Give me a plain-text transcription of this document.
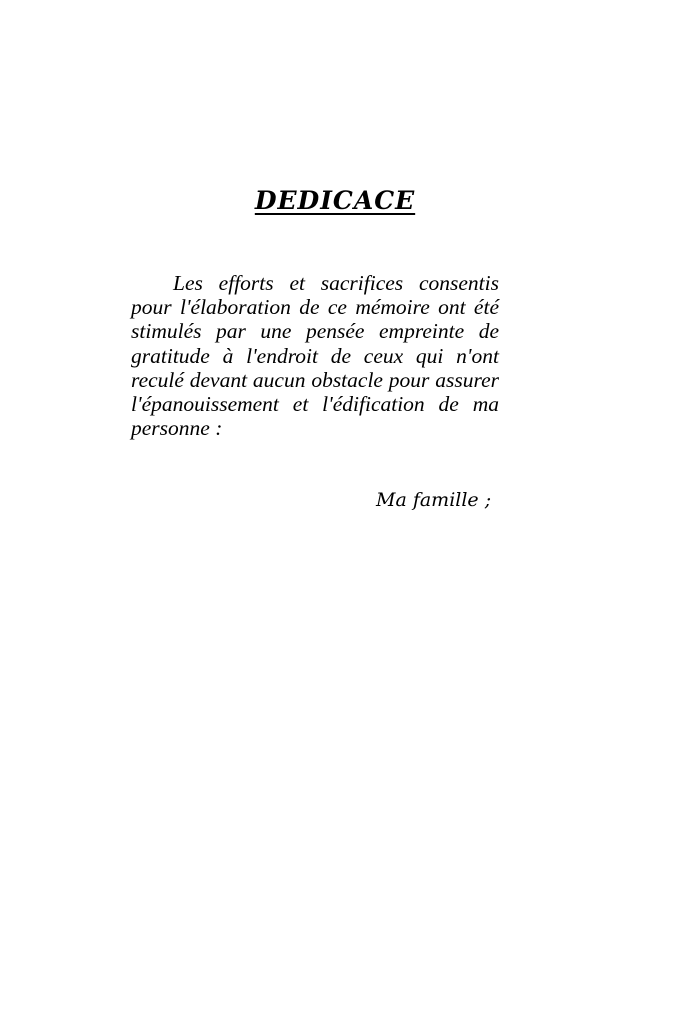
DEDICACE

Les efforts et sacrifices consentis pour l'élaboration de ce mémoire ont été stimulés par une pensée empreinte de gratitude à l'endroit de ceux qui n'ont reculé devant aucun obstacle pour assurer l'épanouissement et l'édification de ma personne :

Ma famille ;
